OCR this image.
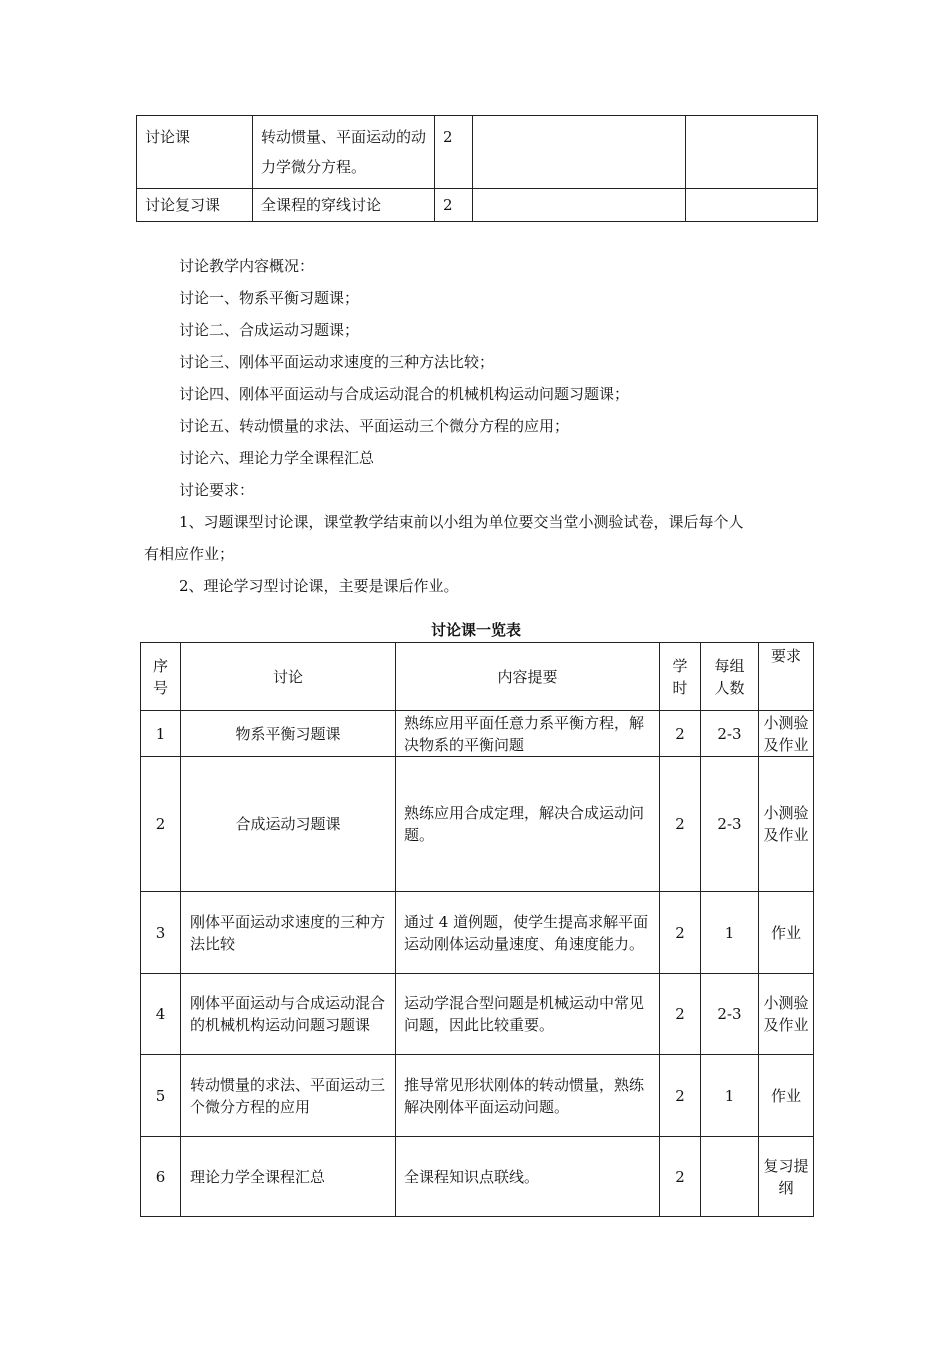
讨论课	转动惯量、平面运动的动力学微分方程。	2		
讨论复习课	全课程的穿线讨论	2		
讨论教学内容概况：
讨论一、物系平衡习题课；
讨论二、合成运动习题课；
讨论三、刚体平面运动求速度的三种方法比较；
讨论四、刚体平面运动与合成运动混合的机械机构运动问题习题课；
讨论五、转动惯量的求法、平面运动三个微分方程的应用；
讨论六、理论力学全课程汇总
讨论要求：
1、习题课型讨论课，课堂教学结束前以小组为单位要交当堂小测验试卷，课后每个人
有相应作业；
2、理论学习型讨论课，主要是课后作业。
讨论课一览表
序号	讨论	内容提要	学时	每组人数	要求
1	物系平衡习题课	熟练应用平面任意力系平衡方程，解决物系的平衡问题	2	2-3	小测验及作业
2	合成运动习题课	熟练应用合成定理，解决合成运动问题。	2	2-3	小测验及作业
3	刚体平面运动求速度的三种方法比较	通过 4 道例题，使学生提高求解平面运动刚体运动量速度、角速度能力。	2	1	作业
4	刚体平面运动与合成运动混合的机械机构运动问题习题课	运动学混合型问题是机械运动中常见问题，因此比较重要。	2	2-3	小测验及作业
5	转动惯量的求法、平面运动三个微分方程的应用	推导常见形状刚体的转动惯量，熟练解决刚体平面运动问题。	2	1	作业
6	理论力学全课程汇总	全课程知识点联线。	2		复习提纲
